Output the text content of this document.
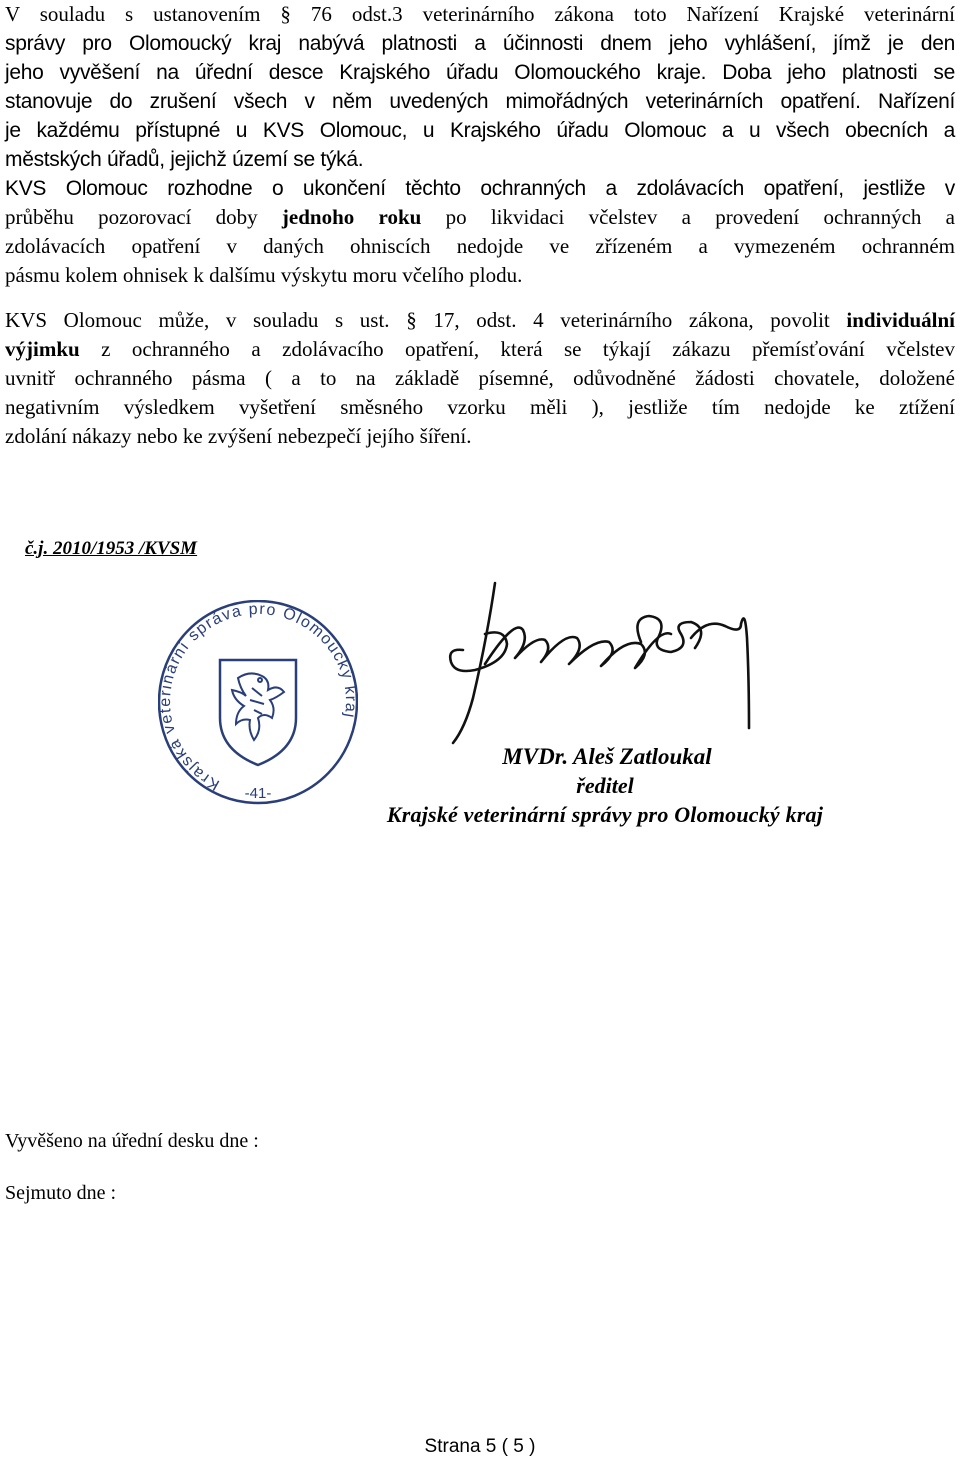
V souladu s ustanovením § 76 odst.3 veterinárního zákona toto Nařízení Krajské veterinární
správy pro Olomoucký kraj nabývá platnosti a účinnosti dnem jeho vyhlášení, jímž je den
jeho vyvěšení na úřední desce Krajského úřadu Olomouckého kraje. Doba jeho platnosti se
stanovuje do zrušení všech v něm uvedených mimořádných veterinárních opatření. Nařízení
je každému přístupné u KVS Olomouc, u Krajského úřadu Olomouc a u všech obecních a
městských úřadů, jejichž území se týká.
KVS Olomouc rozhodne o ukončení těchto ochranných a zdolávacích opatření, jestliže v
průběhu pozorovací doby jednoho roku po likvidaci včelstev a provedení ochranných a
zdolávacích opatření v daných ohniscích nedojde ve zřízeném a vymezeném ochranném
pásmu kolem ohnisek k dalšímu výskytu moru včelího plodu.
KVS Olomouc může, v souladu s ust. § 17, odst. 4 veterinárního zákona, povolit individuální
výjimku z ochranného a zdolávacího opatření, která se týkají zákazu přemísťování včelstev
uvnitř ochranného pásma ( a to na základě písemné, odůvodněné žádosti chovatele, doložené
negativním výsledkem vyšetření směsného vzorku měli ), jestliže tím nedojde ke ztížení
zdolání nákazy nebo ke zvýšení nebezpečí jejího šíření.
č.j. 2010/1953 /KVSM
Krajská veterinární správa pro Olomoucký kraj
-41-
MVDr. Aleš Zatloukal
ředitel
Krajské veterinární správy pro Olomoucký kraj
Vyvěšeno na úřední desku dne :
Sejmuto dne :
Strana 5 ( 5 )
